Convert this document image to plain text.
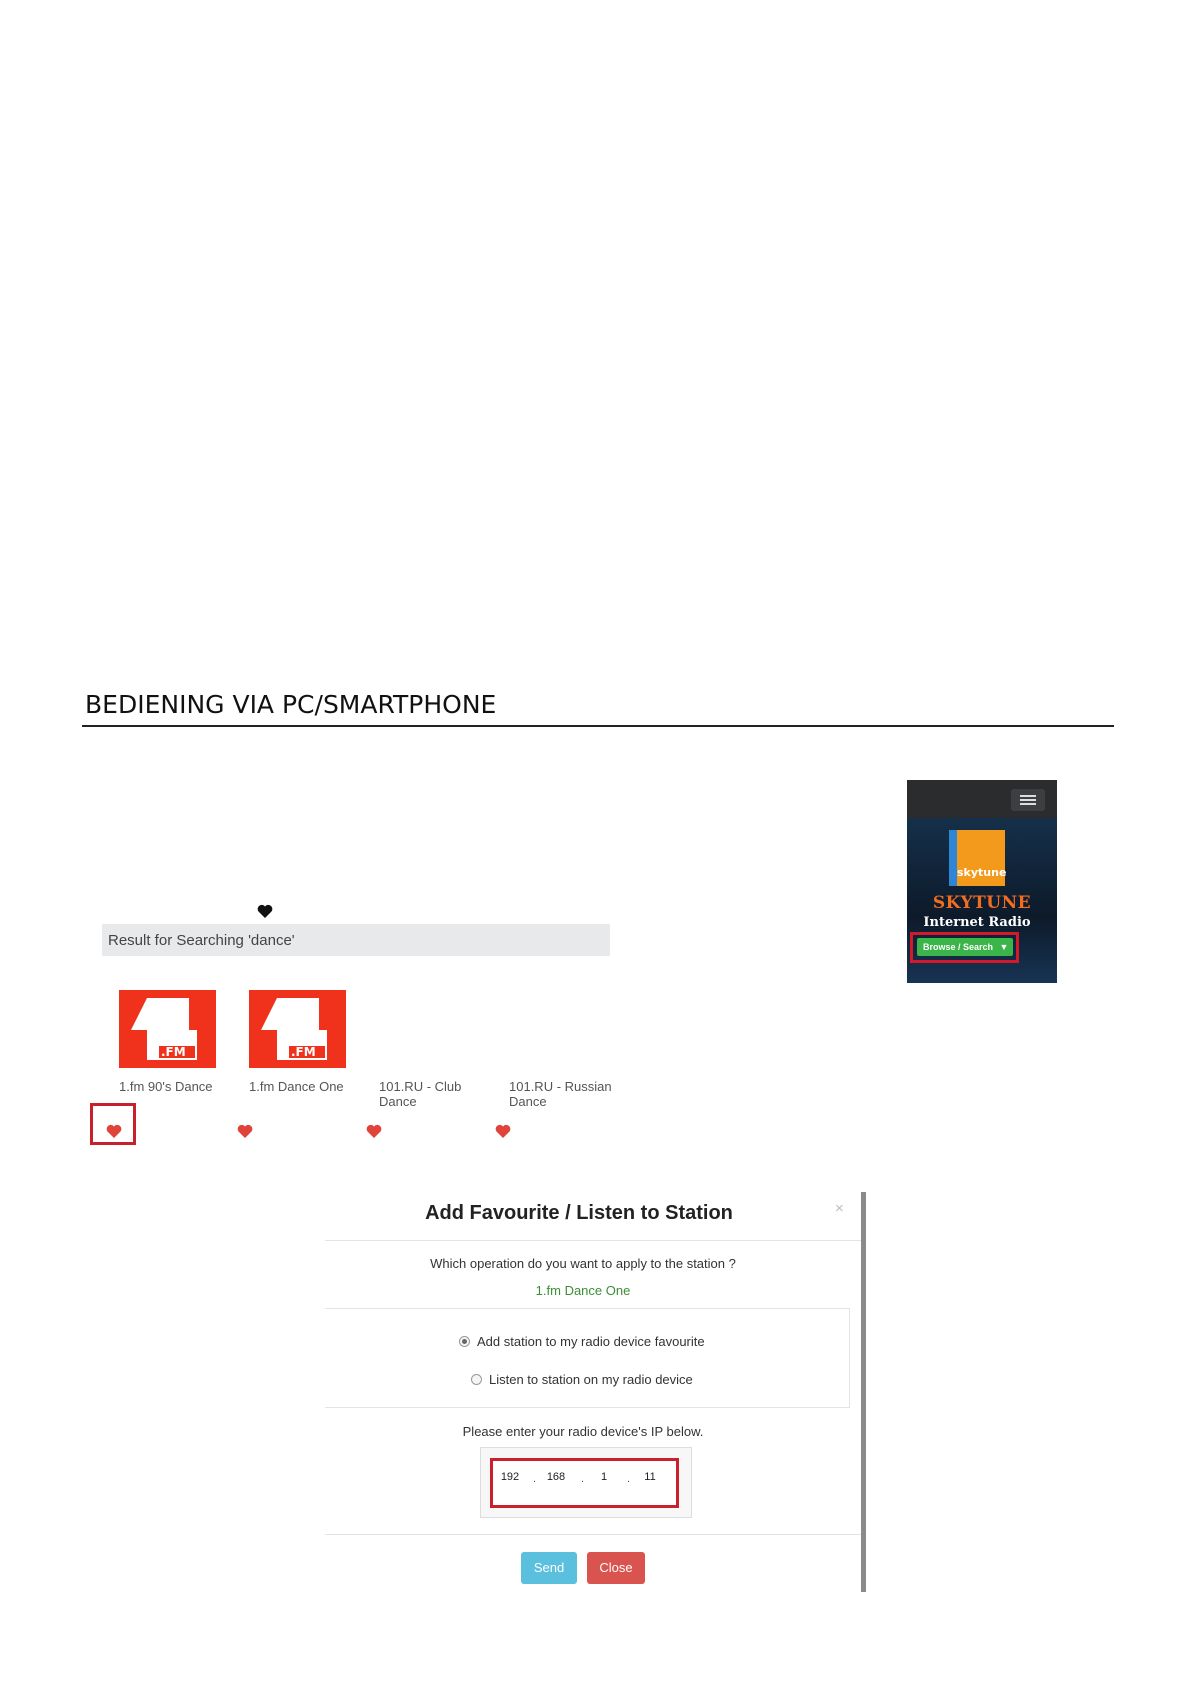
BEDIENING VIA PC/SMARTPHONE
Result for Searching 'dance'
.FM
1.fm 90's Dance
.FM
1.fm Dance One	101.RU - Club Dance
101.RU - Russian Dance
skytune
SKYTUNE
Internet Radio
Browse / Search ▼
Add Favourite / Listen to Station	×
Which operation do you want to apply to the station ?
1.fm Dance One
Add station to my radio device favourite
Listen to station on my radio device
Please enter your radio device's IP below.
192 . 168 .	1	.	11
Send	Close
